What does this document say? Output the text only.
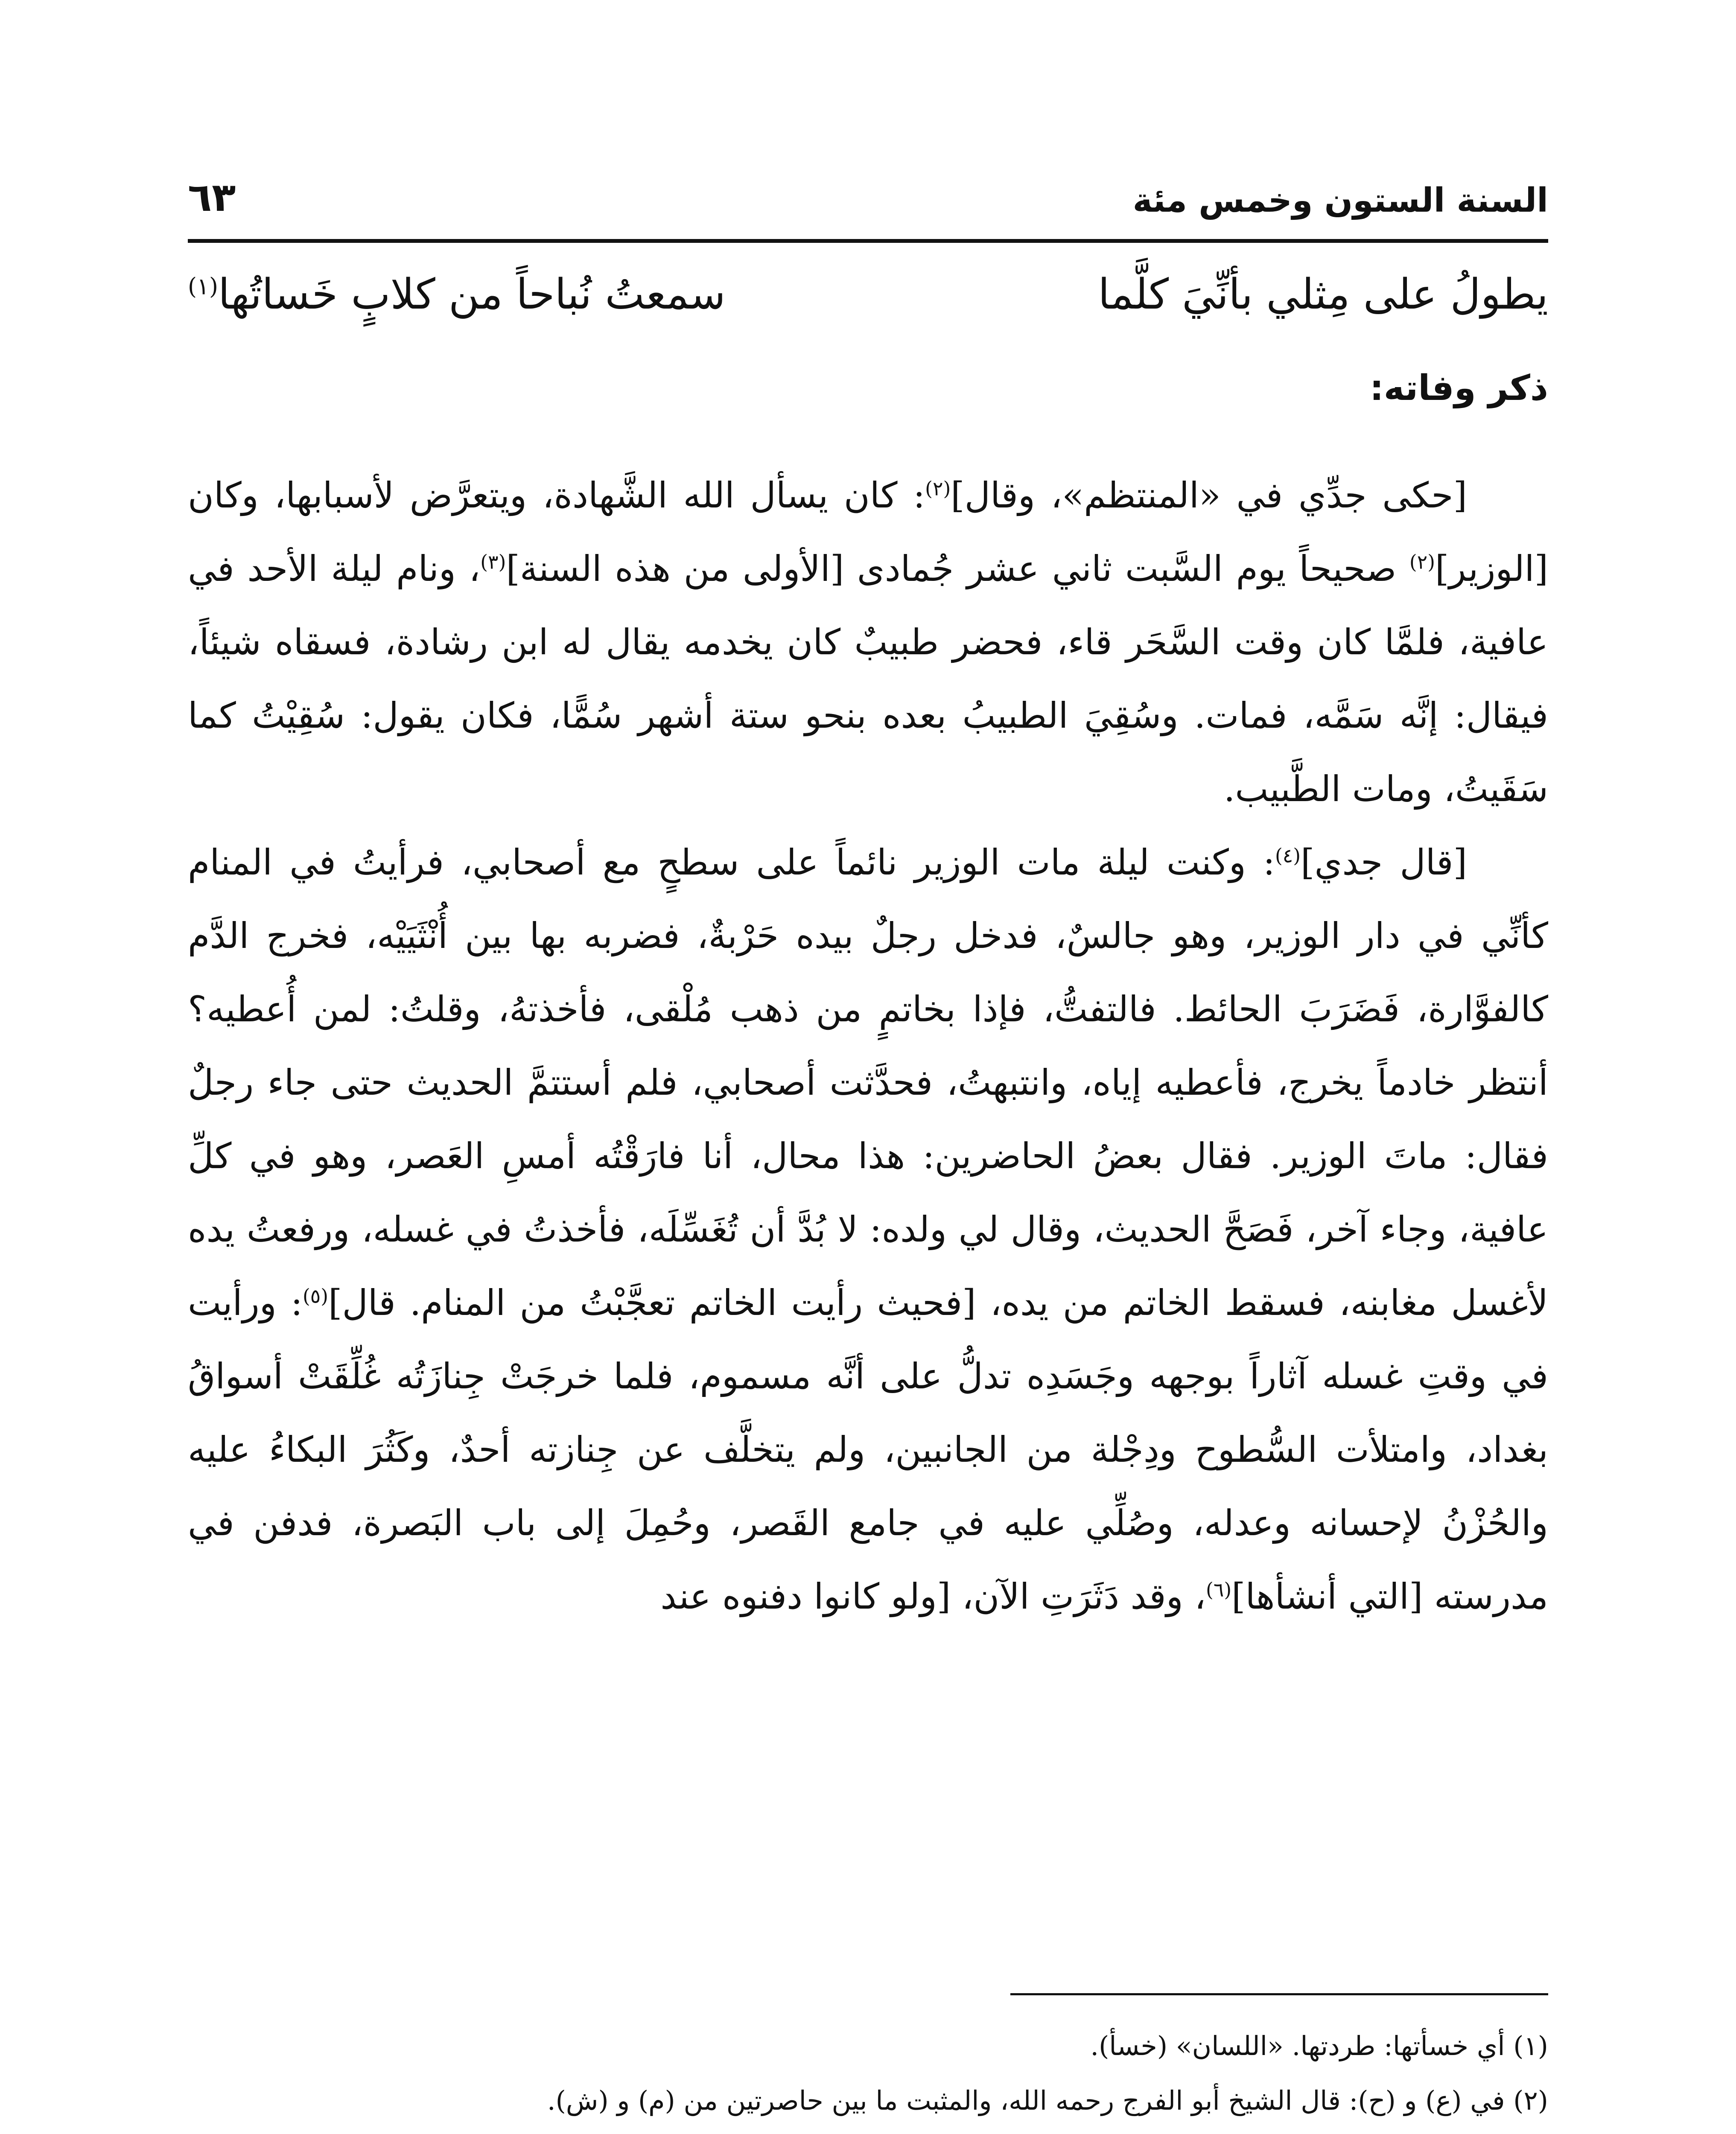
السنة الستون وخمس مئة
٦٣
يطولُ على مِثلي بأنِّيَ كلَّما
سمعتُ نُباحاً من كلابٍ خَساتُها$^{(١)}$
ذكر وفاته:

[حكى جدِّي في «المنتظم»، وقال]$^{(٢)}$: كان يسأل الله الشَّهادة، ويتعرَّض لأسبابها، وكان [الوزير]$^{(٢)}$ صحيحاً يوم السَّبت ثاني عشر جُمادى [الأولى من هذه السنة]$^{(٣)}$، ونام ليلة الأحد في عافية، فلمَّا كان وقت السَّحَر قاء، فحضر طبيبٌ كان يخدمه يقال له ابن رشادة، فسقاه شيئاً، فيقال: إنَّه سَمَّه، فمات. وسُقِيَ الطبيبُ بعده بنحو ستة أشهر سُمًّا، فكان يقول: سُقِيْتُ كما سَقَيتُ، ومات الطَّبيب.

[قال جدي]$^{(٤)}$: وكنت ليلة مات الوزير نائماً على سطحٍ مع أصحابي، فرأيتُ في المنام كأنِّي في دار الوزير، وهو جالسٌ، فدخل رجلٌ بيده حَرْبةٌ، فضربه بها بين أُنْثَيَيْه، فخرج الدَّم كالفوَّارة، فَضَرَبَ الحائط. فالتفتُّ، فإذا بخاتمٍ من ذهب مُلْقى، فأخذتهُ، وقلتُ: لمن أُعطيه؟ أنتظر خادماً يخرج، فأعطيه إياه، وانتبهتُ، فحدَّثت أصحابي، فلم أستتمَّ الحديث حتى جاء رجلٌ فقال: ماتَ الوزير. فقال بعضُ الحاضرين: هذا محال، أنا فارَقْتُه أمسِ العَصر، وهو في كلِّ عافية، وجاء آخر، فَصَحَّ الحديث، وقال لي ولده: لا بُدَّ أن تُغَسِّلَه، فأخذتُ في غسله، ورفعتُ يده لأغسل مغابنه، فسقط الخاتم من يده، [فحيث رأيت الخاتم تعجَّبْتُ من المنام. قال]$^{(٥)}$: ورأيت في وقتِ غسله آثاراً بوجهه وجَسَدِه تدلُّ على أنَّه مسموم، فلما خرجَتْ جِنازَتُه غُلِّقَتْ أسواقُ بغداد، وامتلأت السُّطوح ودِجْلة من الجانبين، ولم يتخلَّف عن جِنازته أحدٌ، وكَثُرَ البكاءُ عليه والحُزْنُ لإحسانه وعدله، وصُلِّي عليه في جامع القَصر، وحُمِلَ إلى باب البَصرة، فدفن في مدرسته [التي أنشأها]$^{(٦)}$، وقد دَثَرَتِ الآن، [ولو كانوا دفنوه عند

(١) أي خسأتها: طردتها. «اللسان» (خسأ).

(٢) في (ع) و (ح): قال الشيخ أبو الفرج رحمه الله، والمثبت ما بين حاصرتين من (م) و (ش).
